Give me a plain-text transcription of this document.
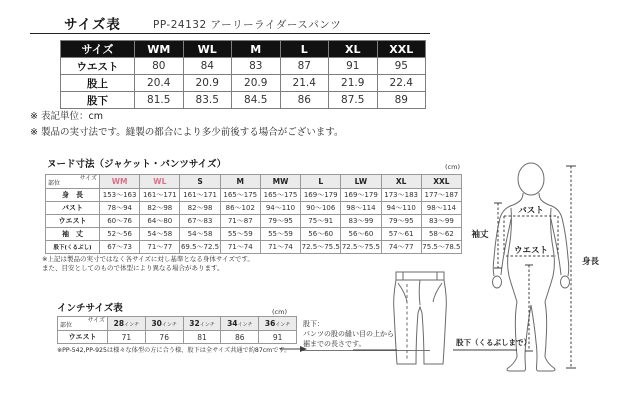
サイズ表	PP-24132 アーリーライダースパンツ
サイズ	WM	WL	M	L	XL	XXL
ウエスト	80	84	83	87	91	95
股上	20.4	20.9	20.9	21.4	21.9	22.4
股下	81.5	83.5	84.5	86	87.5	89
※ 表記単位：cm
※ 製品の実寸法です。縫製の都合により多少前後する場合がございます。
ヌード寸法（ジャケット・パンツサイズ）	(cm)
サイズ
部位	WM	WL	S	M	MW	L	LW	XL	XXL
身　長	153〜163	161〜171	161〜171	165〜175	165〜175	169〜179	169〜179	173〜183	177〜187
バスト	78〜94	82〜98	82〜98	86〜102	94〜110	90〜106	98〜114	94〜110	98〜114
ウエスト	60〜76	64〜80	67〜83	71〜87	79〜95	75〜91	83〜99	79〜95	83〜99
袖　丈	52〜56	54〜58	54〜58	55〜59	55〜59	56〜60	56〜60	57〜61	58〜62
股下(くるぶし)	67〜73	71〜77	69.5〜72.5	71〜74	71〜74	72.5〜75.5	72.5〜75.5	74〜77	75.5〜78.5
※上記は製品の実寸ではなく各サイズに対し基準となる身体サイズです。
また、目安としてのもので体型により異なる場合があります。
インチサイズ表	(cm)
サイズ
部位	28インチ	30インチ	32インチ	34インチ	36インチ
ウエスト	71	76	81	86	91
※PP-542,PP-925は様々な体型の方に合う様、股下は全サイズ共通で約87cmです。
股下：
パンツの股の縫い目の上から
裾までの長さです。
バスト
ウエスト
袖丈
身長
股下（くるぶしまで）
